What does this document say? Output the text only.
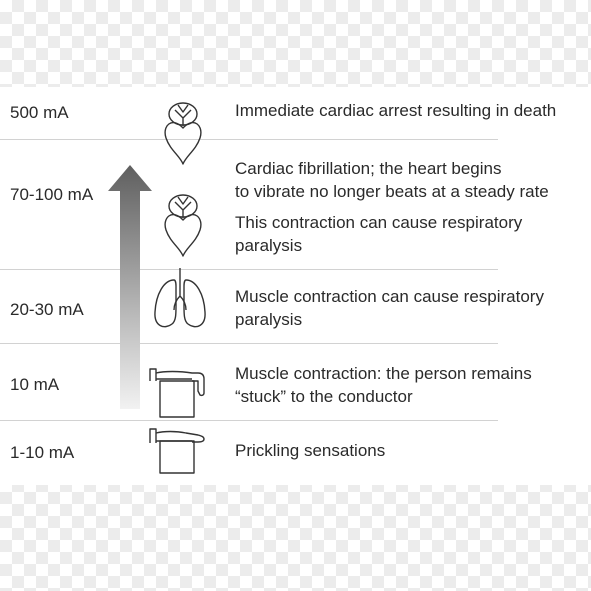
500 mA
70-100 mA
20-30 mA
10 mA
1-10 mA
Immediate cardiac arrest resulting in death
Cardiac fibrillation; the heart begins
to vibrate no longer beats at a steady rate
This contraction can cause respiratory
paralysis
Muscle contraction can cause respiratory
paralysis
Muscle contraction: the person remains
“stuck” to the conductor
Prickling sensations
